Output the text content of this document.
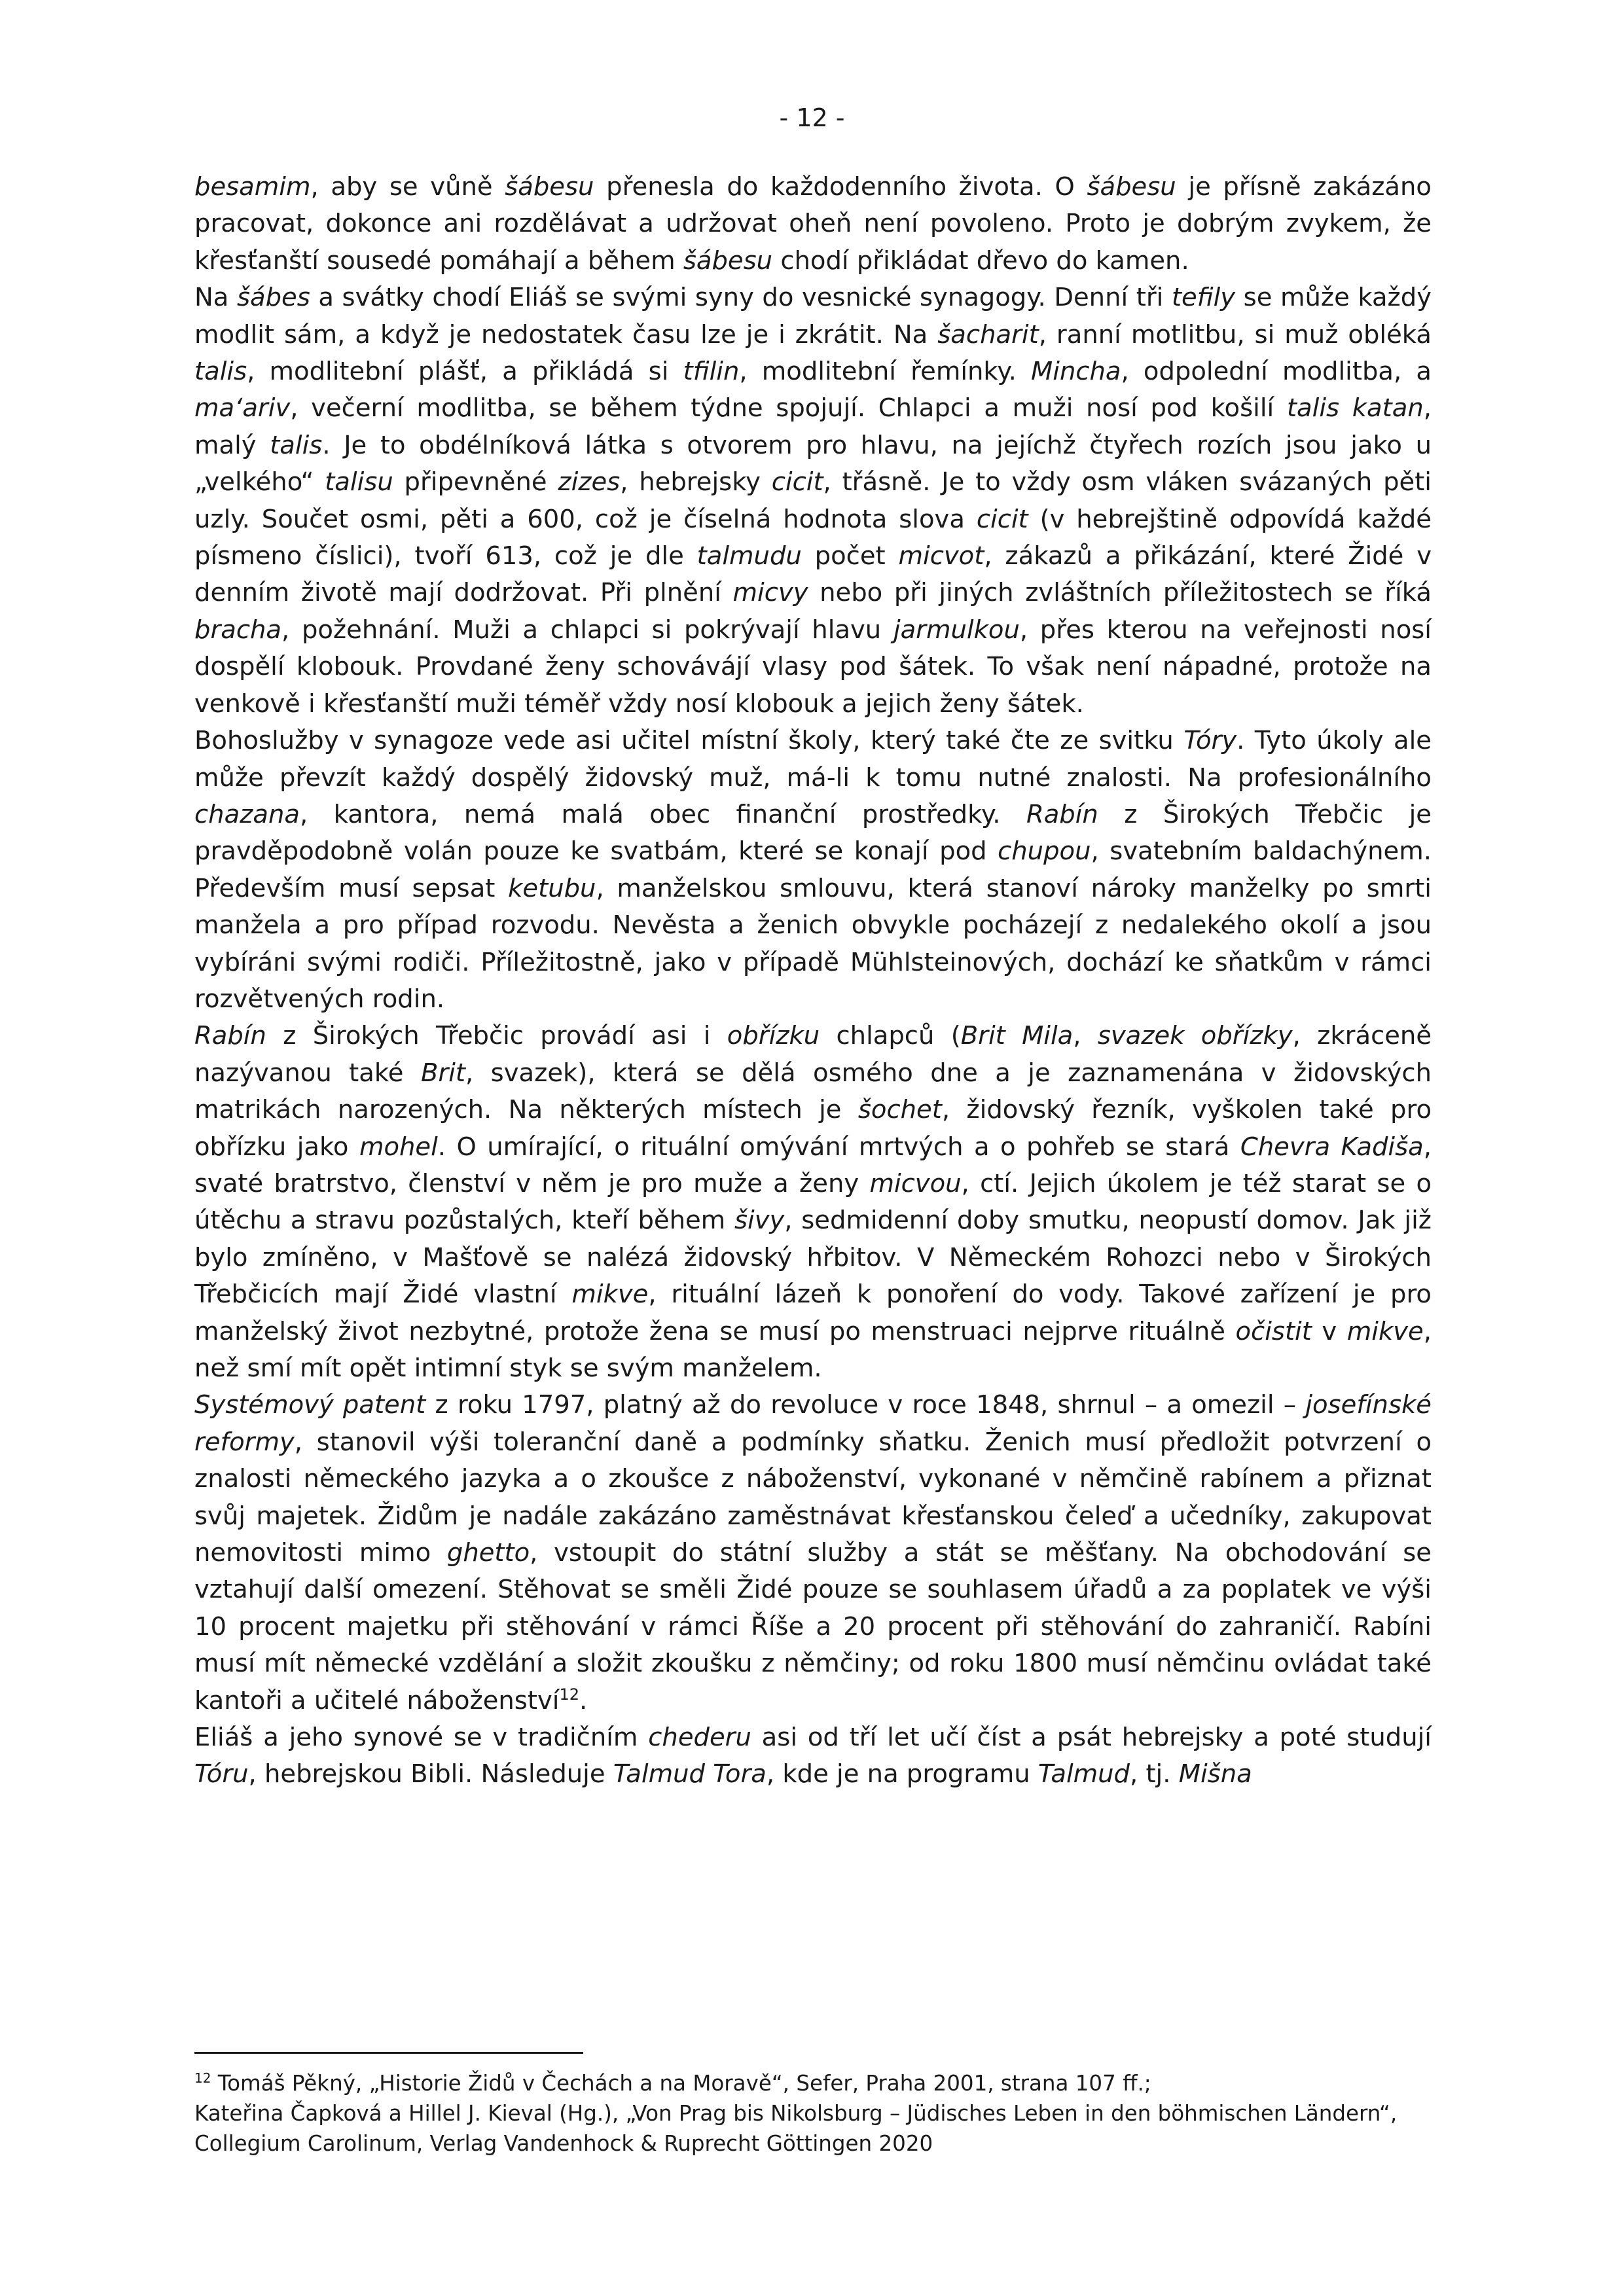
- 12 -

besamim, aby se vůně šábesu přenesla do každodenního života. O šábesu je přísně zakázáno pracovat, dokonce ani rozdělávat a udržovat oheň není povoleno. Proto je dobrým zvykem, že křesťanští sousedé pomáhají a během šábesu chodí přikládat dřevo do kamen.

Na šábes a svátky chodí Eliáš se svými syny do vesnické synagogy. Denní tři tefily se může každý modlit sám, a když je nedostatek času lze je i zkrátit. Na šacharit, ranní motlitbu, si muž obléká talis, modlitební plášť, a přikládá si tfilin, modlitební řemínky. Mincha, odpolední modlitba, a ma‘ariv, večerní modlitba, se během týdne spojují. Chlapci a muži nosí pod košilí talis katan, malý talis. Je to obdélníková látka s otvorem pro hlavu, na jejíchž čtyřech rozích jsou jako u „velkého“ talisu připevněné zizes, hebrejsky cicit, třásně. Je to vždy osm vláken svázaných pěti uzly. Součet osmi, pěti a 600, což je číselná hodnota slova cicit (v hebrejštině odpovídá každé písmeno číslici), tvoří 613, což je dle talmudu počet micvot, zákazů a přikázání, které Židé v denním životě mají dodržovat. Při plnění micvy nebo při jiných zvláštních příležitostech se říká bracha, požehnání. Muži a chlapci si pokrývají hlavu jarmulkou, přes kterou na veřejnosti nosí dospělí klobouk. Provdané ženy schovávájí vlasy pod šátek. To však není nápadné, protože na venkově i křesťanští muži téměř vždy nosí klobouk a jejich ženy šátek.

Bohoslužby v synagoze vede asi učitel místní školy, který také čte ze svitku Tóry. Tyto úkoly ale může převzít každý dospělý židovský muž, má-li k tomu nutné znalosti. Na profesionálního chazana, kantora, nemá malá obec finanční prostředky. Rabín z Širokých Třebčic je pravděpodobně volán pouze ke svatbám, které se konají pod chupou, svatebním baldachýnem. Především musí sepsat ketubu, manželskou smlouvu, která stanoví nároky manželky po smrti manžela a pro případ rozvodu. Nevěsta a ženich obvykle pocházejí z nedalekého okolí a jsou vybíráni svými rodiči. Příležitostně, jako v případě Mühlsteinových, dochází ke sňatkům v rámci rozvětvených rodin.

Rabín z Širokých Třebčic provádí asi i obřízku chlapců (Brit Mila, svazek obřízky, zkráceně nazývanou také Brit, svazek), která se dělá osmého dne a je zaznamenána v židovských matrikách narozených. Na některých místech je šochet, židovský řezník, vyškolen také pro obřízku jako mohel. O umírající, o rituální omývání mrtvých a o pohřeb se stará Chevra Kadiša, svaté bratrstvo, členství v něm je pro muže a ženy micvou, ctí. Jejich úkolem je též starat se o útěchu a stravu pozůstalých, kteří během šivy, sedmidenní doby smutku, neopustí domov. Jak již bylo zmíněno, v Mašťově se nalézá židovský hřbitov. V Německém Rohozci nebo v Širokých Třebčicích mají Židé vlastní mikve, rituální lázeň k ponoření do vody. Takové zařízení je pro manželský život nezbytné, protože žena se musí po menstruaci nejprve rituálně očistit v mikve, než smí mít opět intimní styk se svým manželem.

Systémový patent z roku 1797, platný až do revoluce v roce 1848, shrnul – a omezil – josefínské reformy, stanovil výši toleranční daně a podmínky sňatku. Ženich musí předložit potvrzení o znalosti německého jazyka a o zkoušce z náboženství, vykonané v němčině rabínem a přiznat svůj majetek. Židům je nadále zakázáno zaměstnávat křesťanskou čeleď a učedníky, zakupovat nemovitosti mimo ghetto, vstoupit do státní služby a stát se měšťany. Na obchodování se vztahují další omezení. Stěhovat se směli Židé pouze se souhlasem úřadů a za poplatek ve výši 10 procent majetku při stěhování v rámci Říše a 20 procent při stěhování do zahraničí. Rabíni musí mít německé vzdělání a složit zkoušku z němčiny; od roku 1800 musí němčinu ovládat také kantoři a učitelé náboženství$^{12}$.

Eliáš a jeho synové se v tradičním chederu asi od tří let učí číst a psát hebrejsky a poté studují Tóru, hebrejskou Bibli. Následuje Talmud Tora, kde je na programu Talmud, tj. Mišna

$^{12}$ Tomáš Pěkný, „Historie Židů v Čechách a na Moravě“, Sefer, Praha 2001, strana 107 ff.;

Kateřina Čapková a Hillel J. Kieval (Hg.), „Von Prag bis Nikolsburg – Jüdisches Leben in den böhmischen Ländern“, Collegium Carolinum, Verlag Vandenhock & Ruprecht Göttingen 2020
